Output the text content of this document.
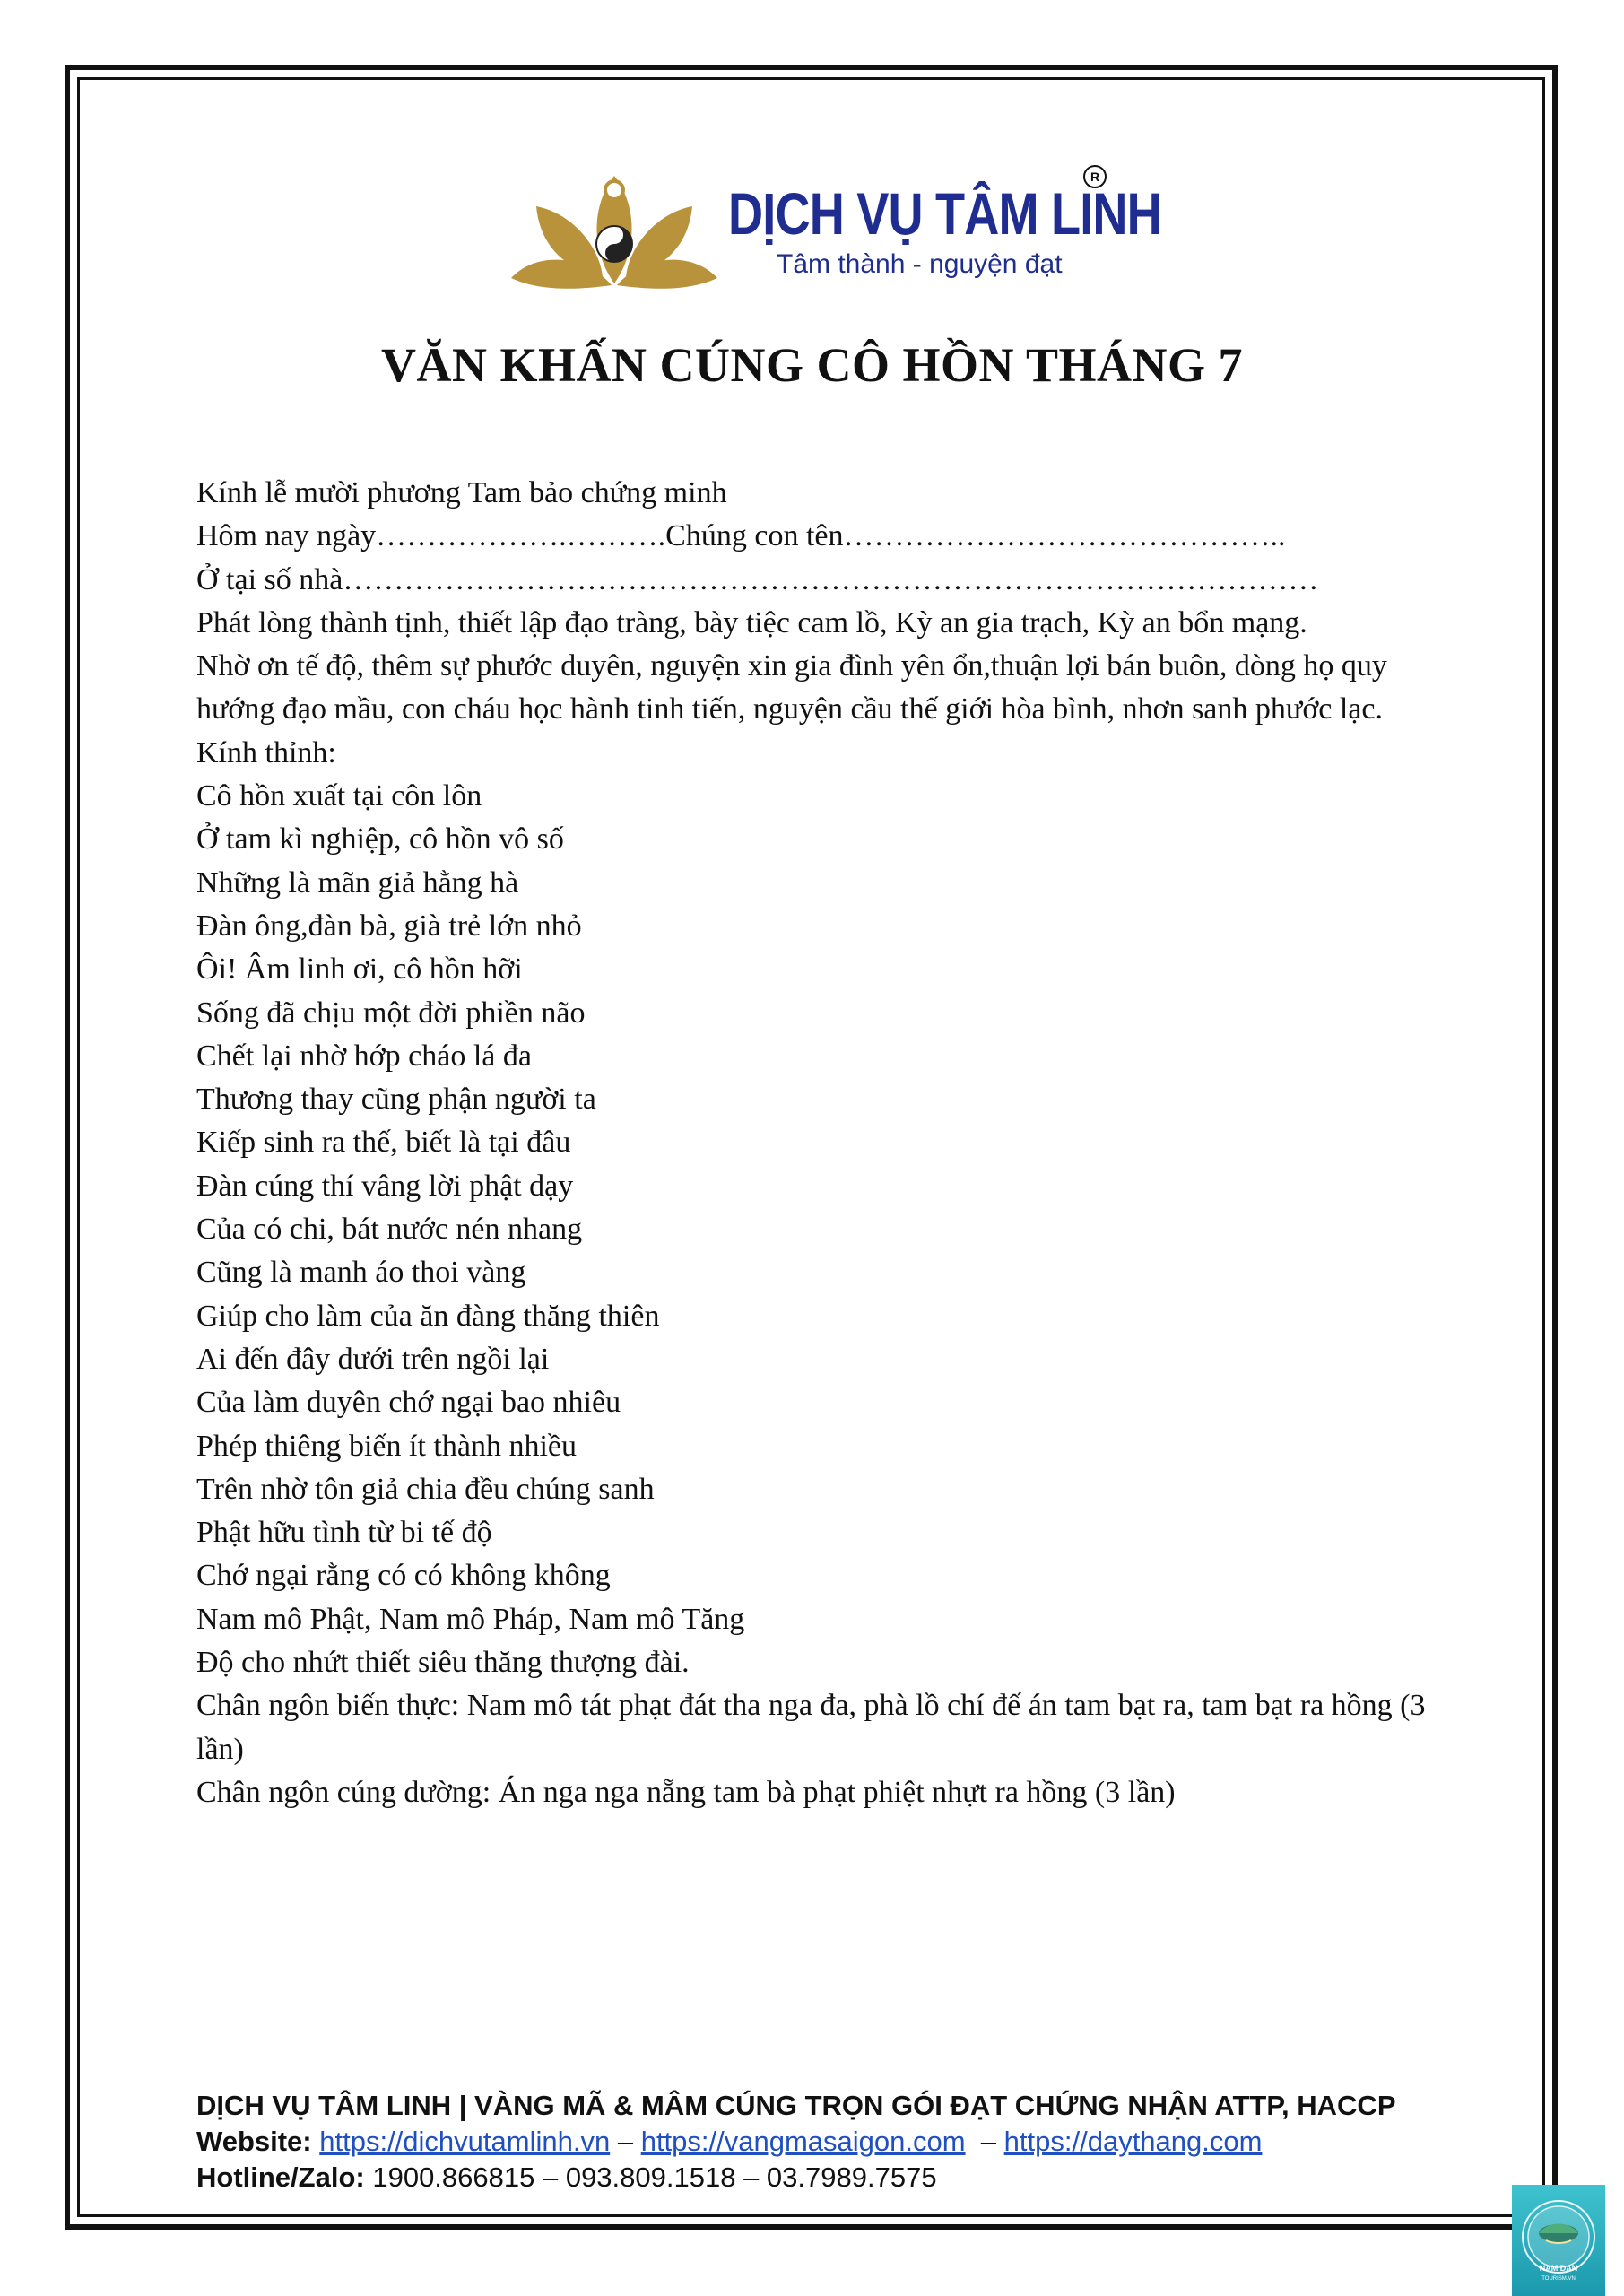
DỊCH VỤ TÂM LINH
R
Tâm thành - nguyện đạt
VĂN KHẤN CÚNG CÔ HỒN THÁNG 7
Kính lễ mười phương Tam bảo chứng minh
Hôm nay ngày……………….……….Chúng con tên……………………………………..
Ở tại số nhà……………………………………………………………………………………
Phát lòng thành tịnh, thiết lập đạo tràng, bày tiệc cam lồ, Kỳ an gia trạch, Kỳ an bổn mạng.
Nhờ ơn tế độ, thêm sự phước duyên, nguyện xin gia đình yên ổn,thuận lợi bán buôn, dòng họ quy hướng đạo mầu, con cháu học hành tinh tiến, nguyện cầu thế giới hòa bình, nhơn sanh phước lạc.
Kính thỉnh:
Cô hồn xuất tại côn lôn
Ở tam kì nghiệp, cô hồn vô số
Những là mãn giả hằng hà
Đàn ông,đàn bà, già trẻ lớn nhỏ
Ôi! Âm linh ơi, cô hồn hỡi
Sống đã chịu một đời phiền não
Chết lại nhờ hớp cháo lá đa
Thương thay cũng phận người ta
Kiếp sinh ra thế, biết là tại đâu
Đàn cúng thí vâng lời phật dạy
Của có chi, bát nước nén nhang
Cũng là manh áo thoi vàng
Giúp cho làm của ăn đàng thăng thiên
Ai đến đây dưới trên ngồi lại
Của làm duyên chớ ngại bao nhiêu
Phép thiêng biến ít thành nhiều
Trên nhờ tôn giả chia đều chúng sanh
Phật hữu tình từ bi tế độ
Chớ ngại rằng có có không không
Nam mô Phật, Nam mô Pháp, Nam mô Tăng
Độ cho nhứt thiết siêu thăng thượng đài.
Chân ngôn biến thực: Nam mô tát phạt đát tha nga đa, phà lồ chí đế án tam bạt ra, tam bạt ra hồng (3 lần)
Chân ngôn cúng dường: Án nga nga nẵng tam bà phạt phiệt nhựt ra hồng (3 lần)
DỊCH VỤ TÂM LINH | VÀNG MÃ & MÂM CÚNG TRỌN GÓI ĐẠT CHỨNG NHẬN ATTP, HACCP
Website: https://dichvutamlinh.vn – https://vangmasaigon.com – https://daythang.com
Hotline/Zalo: 1900.866815 – 093.809.1518 – 03.7989.7575
NAM DAN
TOURISM.VN
